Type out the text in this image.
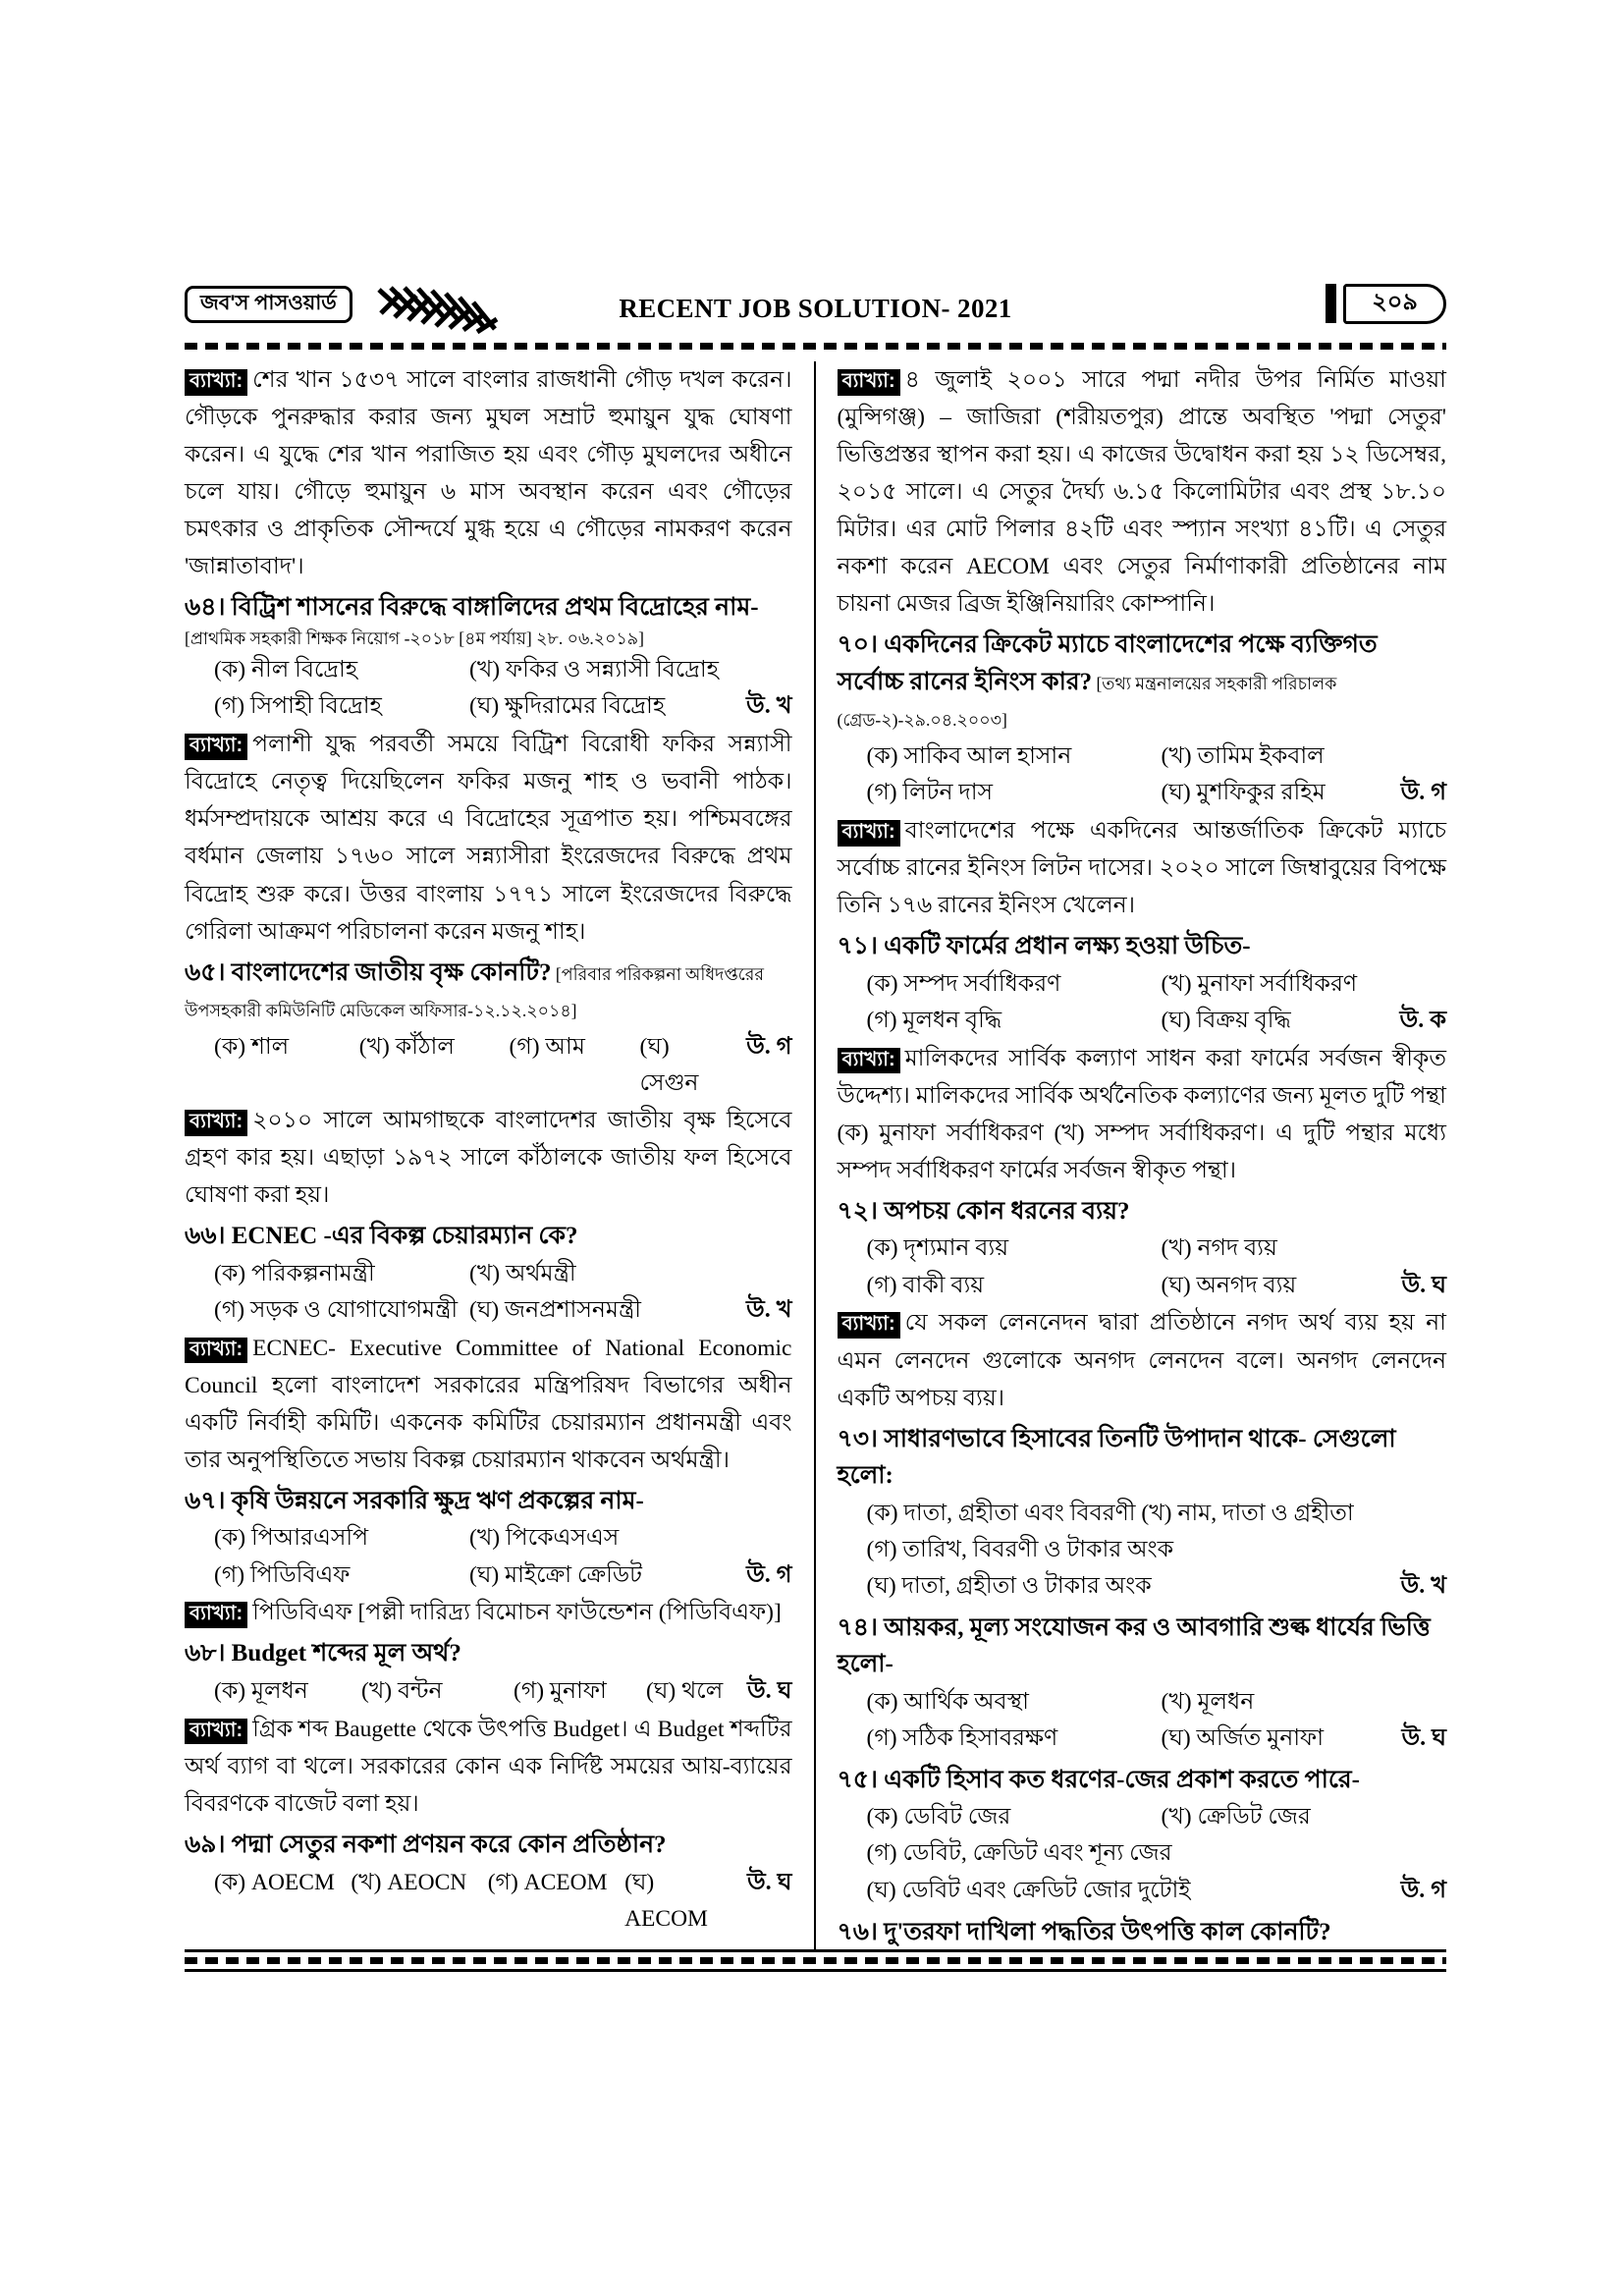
জব'স পাসওয়ার্ড	RECENT JOB SOLUTION- 2021	২০৯

ব্যাখ্যা: শের খান ১৫৩৭ সালে বাংলার রাজধানী গৌড় দখল করেন। গৌড়কে পুনরুদ্ধার করার জন্য মুঘল সম্রাট হুমায়ুন যুদ্ধ ঘোষণা করেন। এ যুদ্ধে শের খান পরাজিত হয় এবং গৌড় মুঘলদের অধীনে চলে যায়। গৌড়ে হুমায়ুন ৬ মাস অবস্থান করেন এবং গৌড়ের চমৎকার ও প্রাকৃতিক সৌন্দর্যে মুগ্ধ হয়ে এ গৌড়ের নামকরণ করেন 'জান্নাতাবাদ'।

৬৪। বিট্রিশ শাসনের বিরুদ্ধে বাঙ্গালিদের প্রথম বিদ্রোহের নাম-

[প্রাথমিক সহকারী শিক্ষক নিয়োগ -২০১৮ [৪ম পর্যায়] ২৮. ০৬.২০১৯]
(ক) নীল বিদ্রোহ	(খ) ফকির ও সন্ন্যাসী বিদ্রোহ
(গ) সিপাহী বিদ্রোহ	(ঘ) ক্ষুদিরামের বিদ্রোহ	উ. খ

ব্যাখ্যা: পলাশী যুদ্ধ পরবর্তী সময়ে বিট্রিশ বিরোধী ফকির সন্ন্যাসী বিদ্রোহে নেতৃত্ব দিয়েছিলেন ফকির মজনু শাহ ও ভবানী পাঠক। ধর্মসম্প্রদায়কে আশ্রয় করে এ বিদ্রোহের সূত্রপাত হয়। পশ্চিমবঙ্গের বর্ধমান জেলায় ১৭৬০ সালে সন্ন্যাসীরা ইংরেজদের বিরুদ্ধে প্রথম বিদ্রোহ শুরু করে। উত্তর বাংলায় ১৭৭১ সালে ইংরেজদের বিরুদ্ধে গেরিলা আক্রমণ পরিচালনা করেন মজনু শাহ।

৬৫। বাংলাদেশের জাতীয় বৃক্ষ কোনটি? [পরিবার পরিকল্পনা অধিদপ্তরের উপসহকারী কমিউনিটি মেডিকেল অফিসার-১২.১২.২০১৪]

(ক) শাল	(খ) কাঁঠাল	(গ) আম	(ঘ) সেগুন
উ. গ

ব্যাখ্যা: ২০১০ সালে আমগাছকে বাংলাদেশর জাতীয় বৃক্ষ হিসেবে গ্রহণ কার হয়। এছাড়া ১৯৭২ সালে কাঁঠালকে জাতীয় ফল হিসেবে ঘোষণা করা হয়।

৬৬। ECNEC -এর বিকল্প চেয়ারম্যান কে?

(ক) পরিকল্পনামন্ত্রী	(খ) অর্থমন্ত্রী
(গ) সড়ক ও যোগাযোগমন্ত্রী (ঘ) জনপ্রশাসনমন্ত্রী	উ. খ

ব্যাখ্যা: ECNEC- Executive Committee of National Economic Council হলো বাংলাদেশ সরকারের মন্ত্রিপরিষদ বিভাগের অধীন একটি নির্বাহী কমিটি। একনেক কমিটির চেয়ারম্যান প্রধানমন্ত্রী এবং তার অনুপস্থিতিতে সভায় বিকল্প চেয়ারম্যান থাকবেন অর্থমন্ত্রী।

৬৭। কৃষি উন্নয়নে সরকারি ক্ষুদ্র ঋণ প্রকল্পের নাম-

(ক) পিআরএসপি	(খ) পিকেএসএস
(গ) পিডিবিএফ	(ঘ) মাইক্রো ক্রেডিট	উ. গ

ব্যাখ্যা: পিডিবিএফ [পল্লী দারিদ্র্য বিমোচন ফাউন্ডেশন (পিডিবিএফ)]

৬৮। Budget শব্দের মূল অর্থ?

(ক) মূলধন	(খ) বন্টন	(গ) মুনাফা	(ঘ) থলে উ. ঘ

ব্যাখ্যা: গ্রিক শব্দ Baugette থেকে উৎপত্তি Budget। এ Budget শব্দটির অর্থ ব্যাগ বা থলে। সরকারের কোন এক নির্দিষ্ট সময়ের আয়-ব্যায়ের বিবরণকে বাজেট বলা হয়।

৬৯। পদ্মা সেতুর নকশা প্রণয়ন করে কোন প্রতিষ্ঠান?

(ক) AOECM (খ) AEOCN (গ) ACEOM (ঘ) AECOM
উ. ঘ

ব্যাখ্যা: ৪ জুলাই ২০০১ সারে পদ্মা নদীর উপর নির্মিত মাওয়া (মুন্সিগঞ্জ) – জাজিরা (শরীয়তপুর) প্রান্তে অবস্থিত 'পদ্মা সেতুর' ভিত্তিপ্রস্তর স্থাপন করা হয়। এ কাজের উদ্বোধন করা হয় ১২ ডিসেম্বর, ২০১৫ সালে। এ সেতুর দৈর্ঘ্য ৬.১৫ কিলোমিটার এবং প্রস্থ ১৮.১০ মিটার। এর মোট পিলার ৪২টি এবং স্প্যান সংখ্যা ৪১টি। এ সেতুর নকশা করেন AECOM এবং সেতুর নির্মাণাকারী প্রতিষ্ঠানের নাম চায়না মেজর ব্রিজ ইঞ্জিনিয়ারিং কোম্পানি।

৭০। একদিনের ক্রিকেট ম্যাচে বাংলাদেশের পক্ষে ব্যক্তিগত সর্বোচ্চ রানের ইনিংস কার? [তথ্য মন্ত্রনালয়ের সহকারী পরিচালক (গ্রেড-২)-২৯.০৪.২০০৩]

(ক) সাকিব আল হাসান	(খ) তামিম ইকবাল
(গ) লিটন দাস	(ঘ) মুশফিকুর রহিম	উ. গ

ব্যাখ্যা: বাংলাদেশের পক্ষে একদিনের আন্তর্জাতিক ক্রিকেট ম্যাচে সর্বোচ্চ রানের ইনিংস লিটন দাসের। ২০২০ সালে জিম্বাবুয়ের বিপক্ষে তিনি ১৭৬ রানের ইনিংস খেলেন।

৭১। একটি ফার্মের প্রধান লক্ষ্য হওয়া উচিত-

(ক) সম্পদ সর্বাধিকরণ	(খ) মুনাফা সর্বাধিকরণ
(গ) মূলধন বৃদ্ধি	(ঘ) বিক্রয় বৃদ্ধি	উ. ক

ব্যাখ্যা: মালিকদের সার্বিক কল্যাণ সাধন করা ফার্মের সর্বজন স্বীকৃত উদ্দেশ্য। মালিকদের সার্বিক অর্থনৈতিক কল্যাণের জন্য মূলত দুটি পন্থা (ক) মুনাফা সর্বাধিকরণ (খ) সম্পদ সর্বাধিকরণ। এ দুটি পন্থার মধ্যে সম্পদ সর্বাধিকরণ ফার্মের সর্বজন স্বীকৃত পন্থা।

৭২। অপচয় কোন ধরনের ব্যয়?

(ক) দৃশ্যমান ব্যয়	(খ) নগদ ব্যয়
(গ) বাকী ব্যয়	(ঘ) অনগদ ব্যয়	উ. ঘ

ব্যাখ্যা: যে সকল লেননেদন দ্বারা প্রতিষ্ঠানে নগদ অর্থ ব্যয় হয় না এমন লেনদেন গুলোকে অনগদ লেনদেন বলে। অনগদ লেনদেন একটি অপচয় ব্যয়।

৭৩। সাধারণভাবে হিসাবের তিনটি উপাদান থাকে- সেগুলো হলো:

(ক) দাতা, গ্রহীতা এবং বিবরণী (খ) নাম, দাতা ও গ্রহীতা
(গ) তারিখ, বিবরণী ও টাকার অংক
(ঘ) দাতা, গ্রহীতা ও টাকার অংক	উ. খ

৭৪। আয়কর, মূল্য সংযোজন কর ও আবগারি শুল্ক ধার্যের ভিত্তি হলো-

(ক) আর্থিক অবস্থা	(খ) মূলধন
(গ) সঠিক হিসাবরক্ষণ	(ঘ) অর্জিত মুনাফা	উ. ঘ

৭৫। একটি হিসাব কত ধরণের-জের প্রকাশ করতে পারে-

(ক) ডেবিট জের	(খ) ক্রেডিট জের
(গ) ডেবিট, ক্রেডিট এবং শূন্য জের
(ঘ) ডেবিট এবং ক্রেডিট জোর দুটোই	উ. গ

৭৬। দু'তরফা দাখিলা পদ্ধতির উৎপত্তি কাল কোনটি?
